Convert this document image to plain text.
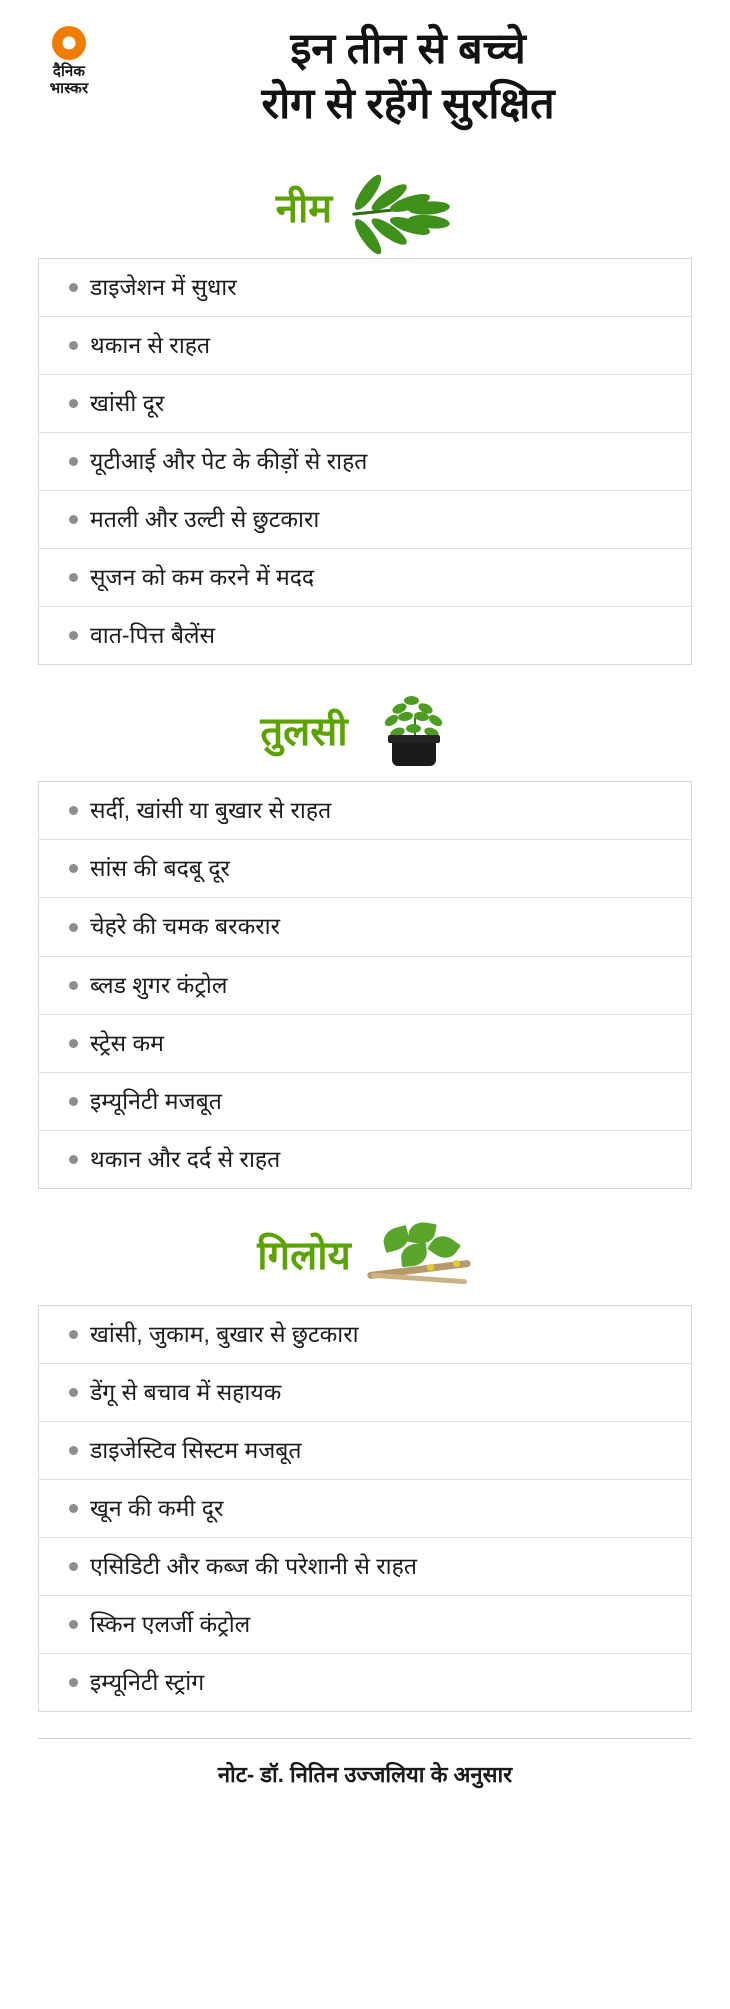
दैनिक
भास्कर
इन तीन से बच्चे
रोग से रहेंगे सुरक्षित
नीम
डाइजेशन में सुधार
थकान से राहत
खांसी दूर
यूटीआई और पेट के कीड़ों से राहत
मतली और उल्टी से छुटकारा
सूजन को कम करने में मदद
वात-पित्त बैलेंस
तुलसी
सर्दी, खांसी या बुखार से राहत
सांस की बदबू दूर
चेहरे की चमक बरकरार
ब्लड शुगर कंट्रोल
स्ट्रेस कम
इम्यूनिटी मजबूत
थकान और दर्द से राहत
गिलोय
खांसी, जुकाम, बुखार से छुटकारा
डेंगू से बचाव में सहायक
डाइजेस्टिव सिस्टम मजबूत
खून की कमी दूर
एसिडिटी और कब्ज की परेशानी से राहत
स्किन एलर्जी कंट्रोल
इम्यूनिटी स्ट्रांग
नोट- डॉ. नितिन उज्जलिया के अनुसार
